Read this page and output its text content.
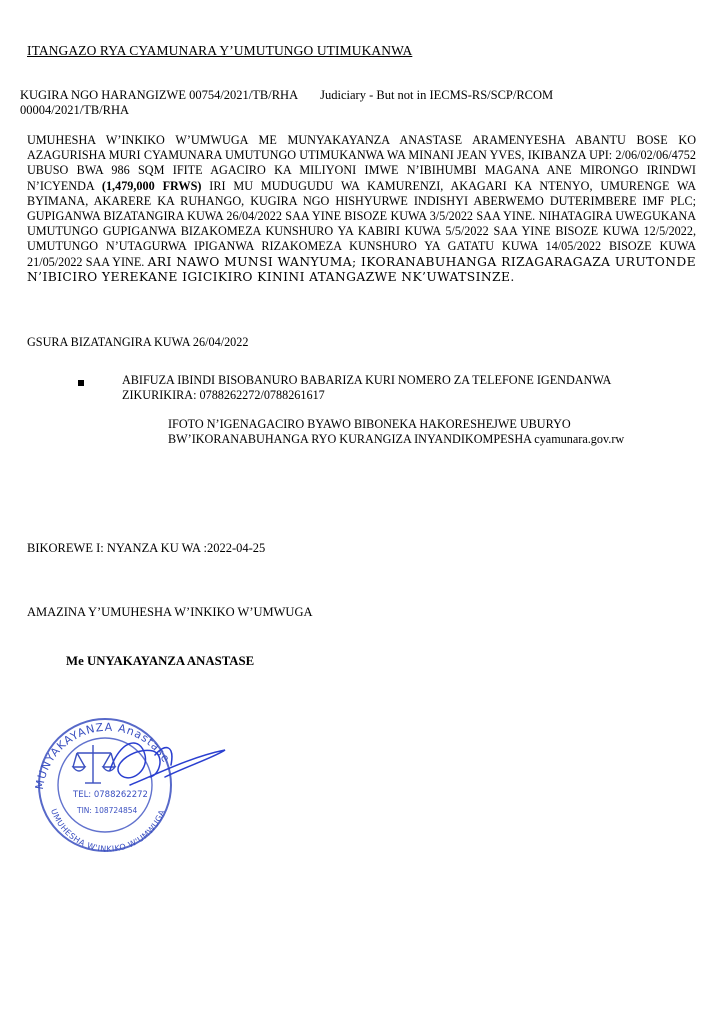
ITANGAZO RYA CYAMUNARA Y’UMUTUNGO UTIMUKANWA
KUGIRA NGO HARANGIZWE 00754/2021/TB/RHA Judiciary - But not in IECMS-RS/SCP/RCOM 00004/2021/TB/RHA
UMUHESHA W’INKIKO W’UMWUGA ME MUNYAKAYANZA ANASTASE ARAMENYESHA ABANTU BOSE KO AZAGURISHA MURI CYAMUNARA UMUTUNGO UTIMUKANWA WA MINANI JEAN YVES, IKIBANZA UPI: 2/06/02/06/4752 UBUSO BWA 986 SQM IFITE AGACIRO KA MILIYONI IMWE N’IBIHUMBI MAGANA ANE MIRONGO IRINDWI N’ICYENDA (1,479,000 FRWS) IRI MU MUDUGUDU WA KAMURENZI, AKAGARI KA NTENYO, UMURENGE WA BYIMANA, AKARERE KA RUHANGO, KUGIRA NGO HISHYURWE INDISHYI ABERWEMO DUTERIMBERE IMF PLC; GUPIGANWA BIZATANGIRA KUWA 26/04/2022 SAA YINE BISOZE KUWA 3/5/2022 SAA YINE. NIHATAGIRA UWEGUKANA UMUTUNGO GUPIGANWA BIZAKOMEZA KUNSHURO YA KABIRI KUWA 5/5/2022 SAA YINE BISOZE KUWA 12/5/2022, UMUTUNGO N’UTAGURWA IPIGANWA RIZAKOMEZA KUNSHURO YA GATATU KUWA 14/05/2022 BISOZE KUWA 21/05/2022 SAA YINE. ARI NAWO MUNSI WANYUMA; IKORANABUHANGA RIZAGARAGAZA URUTONDE N’IBICIRO YEREKANE IGICIKIRO KININI ATANGAZWE NK’UWATSINZE.
GSURA BIZATANGIRA KUWA 26/04/2022
ABIFUZA IBINDI BISOBANURO BABARIZA KURI NOMERO ZA TELEFONE IGENDANWA
ZIKURIKIRA: 0788262272/0788261617
IFOTO N’IGENAGACIRO BYAWO BIBONEKA HAKORESHEJWE UBURYO
BW’IKORANABUHANGA RYO KURANGIZA INYANDIKOMPESHA cyamunara.gov.rw
BIKOREWE I: NYANZA KU WA :2022-04-25
AMAZINA Y’UMUHESHA W’INKIKO W’UMWUGA
Me UNYAKAYANZA ANASTASE
MUNYAKAYANZA Anastase
UMUHESHA W'INKIKO W'UMWUGA
TEL: 0788262272
TIN: 108724854
